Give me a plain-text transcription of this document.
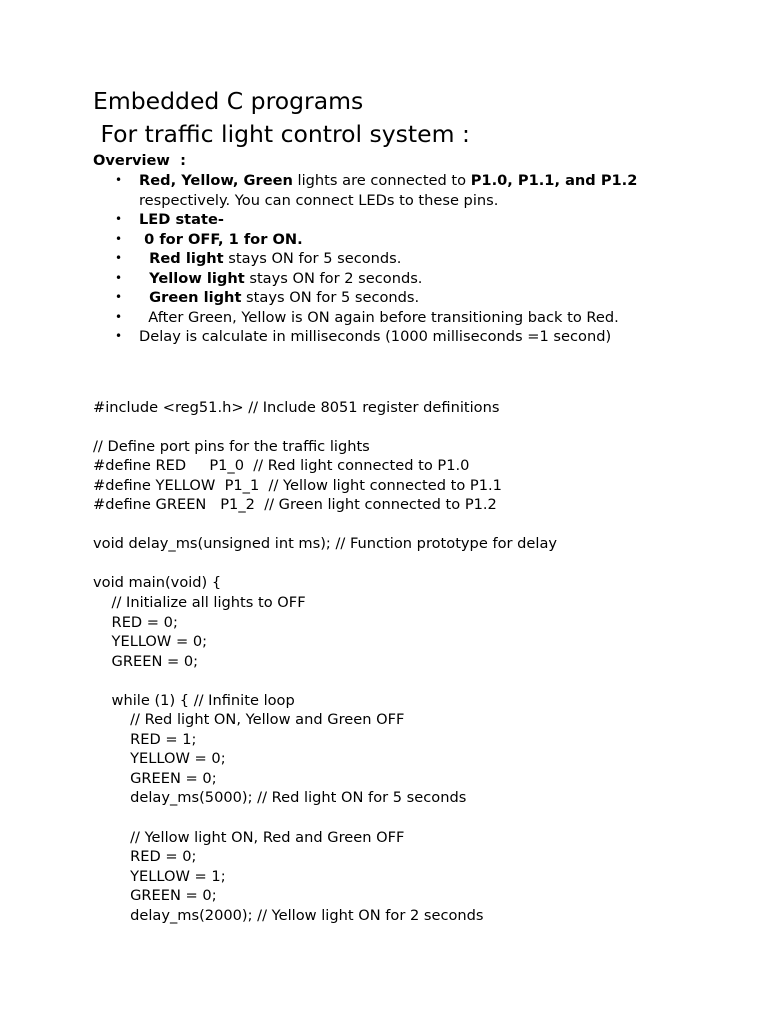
Embedded C programs
For traffic light control system :
Overview  :
• Red, Yellow, Green lights are connected to P1.0, P1.1, and P1.2
respectively. You can connect LEDs to these pins.
• LED state-
• 0 for OFF, 1 for ON.
• Red light stays ON for 5 seconds.
• Yellow light stays ON for 2 seconds.
• Green light stays ON for 5 seconds.
• After Green, Yellow is ON again before transitioning back to Red.
• Delay is calculate in milliseconds (1000 milliseconds =1 second)
#include <reg51.h> // Include 8051 register definitions
// Define port pins for the traffic lights
#define RED     P1_0  // Red light connected to P1.0
#define YELLOW  P1_1  // Yellow light connected to P1.1
#define GREEN   P1_2  // Green light connected to P1.2
void delay_ms(unsigned int ms); // Function prototype for delay
void main(void) {
// Initialize all lights to OFF
RED = 0;
YELLOW = 0;
GREEN = 0;
while (1) { // Infinite loop
// Red light ON, Yellow and Green OFF
RED = 1;
YELLOW = 0;
GREEN = 0;
delay_ms(5000); // Red light ON for 5 seconds
// Yellow light ON, Red and Green OFF
RED = 0;
YELLOW = 1;
GREEN = 0;
delay_ms(2000); // Yellow light ON for 2 seconds
